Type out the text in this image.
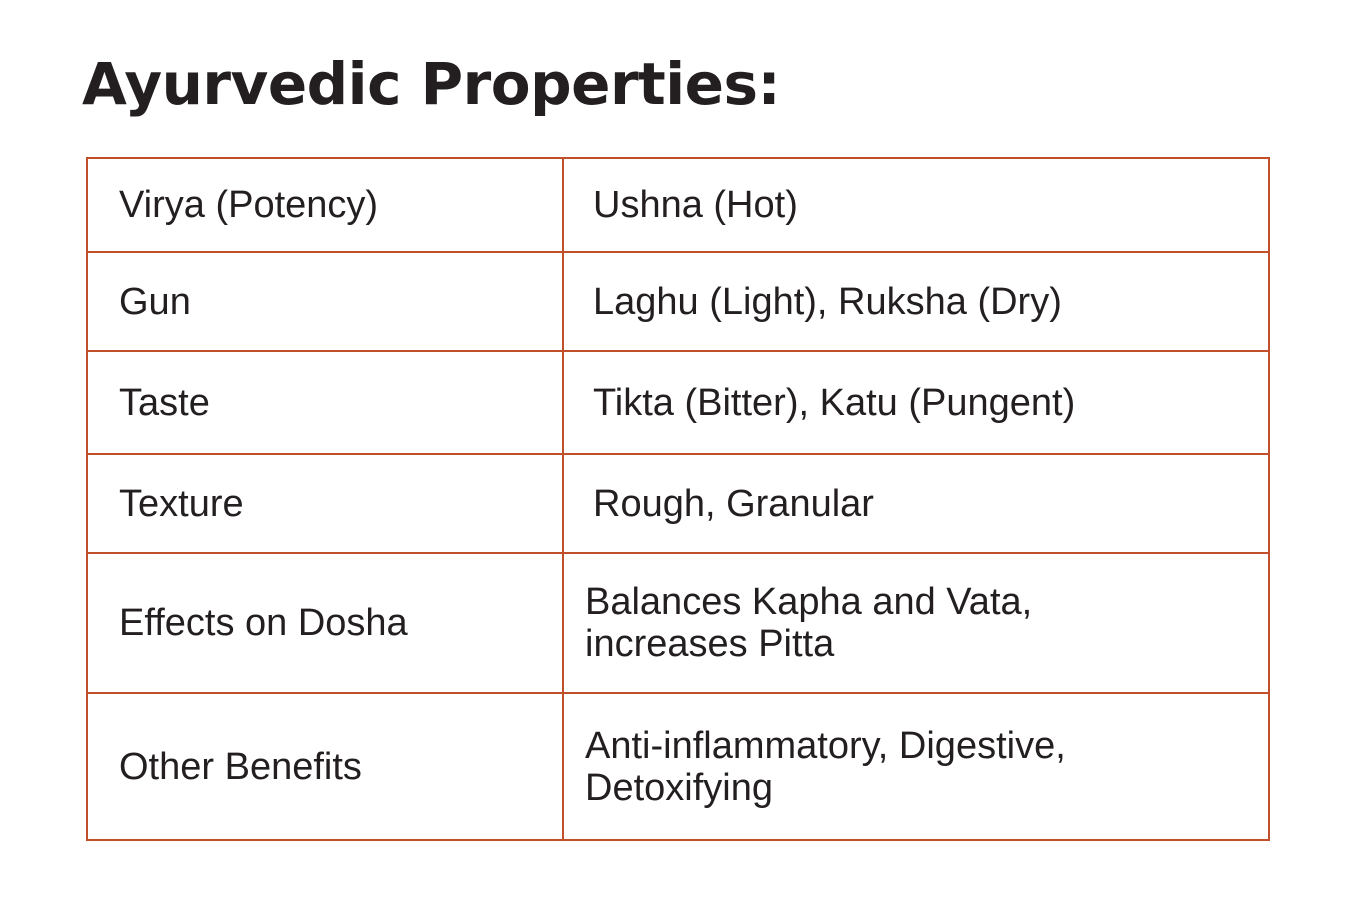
Ayurvedic Properties:
Virya (Potency)	Ushna (Hot)
Gun	Laghu (Light), Ruksha (Dry)
Taste	Tikta (Bitter), Katu (Pungent)
Texture	Rough, Granular
Effects on Dosha	Balances Kapha and Vata,
increases Pitta

Other Benefits	Anti-inflammatory, Digestive,
Detoxifying
